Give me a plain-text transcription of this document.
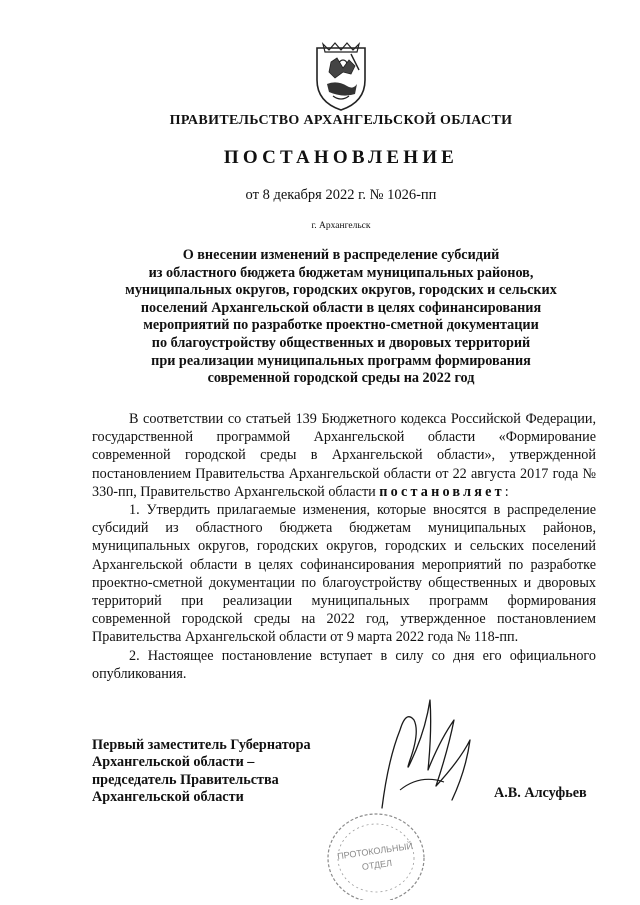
ПРАВИТЕЛЬСТВО АРХАНГЕЛЬСКОЙ ОБЛАСТИ
ПОСТАНОВЛЕНИЕ
от 8 декабря 2022 г. № 1026-пп
г. Архангельск
О внесении изменений в распределение субсидий
из областного бюджета бюджетам муниципальных районов,
муниципальных округов, городских округов, городских и сельских
поселений Архангельской области в целях софинансирования
мероприятий по разработке проектно-сметной документации
по благоустройству общественных и дворовых территорий
при реализации муниципальных программ формирования
современной городской среды на 2022 год

В соответствии со статьей 139 Бюджетного кодекса Российской Федерации, государственной программой Архангельской области «Формирование современной городской среды в Архангельской области», утвержденной постановлением Правительства Архангельской области от 22 августа 2017 года № 330-пп, Правительство Архангельской области постановляет:

1. Утвердить прилагаемые изменения, которые вносятся в распределение субсидий из областного бюджета бюджетам муниципальных районов, муниципальных округов, городских округов, городских и сельских поселений Архангельской области в целях софинансирования мероприятий по разработке проектно-сметной документации по благоустройству общественных и дворовых территорий при реализации муниципальных программ формирования современной городской среды на 2022 год, утвержденное постановлением Правительства Архангельской области от 9 марта 2022 года № 118-пп.

2. Настоящее постановление вступает в силу со дня его официального опубликования.

Первый заместитель Губернатора
Архангельской области –
председатель Правительства
Архангельской области	А.В. Алсуфьев
ПРОТОКОЛЬНЫЙ
ОТДЕЛ
